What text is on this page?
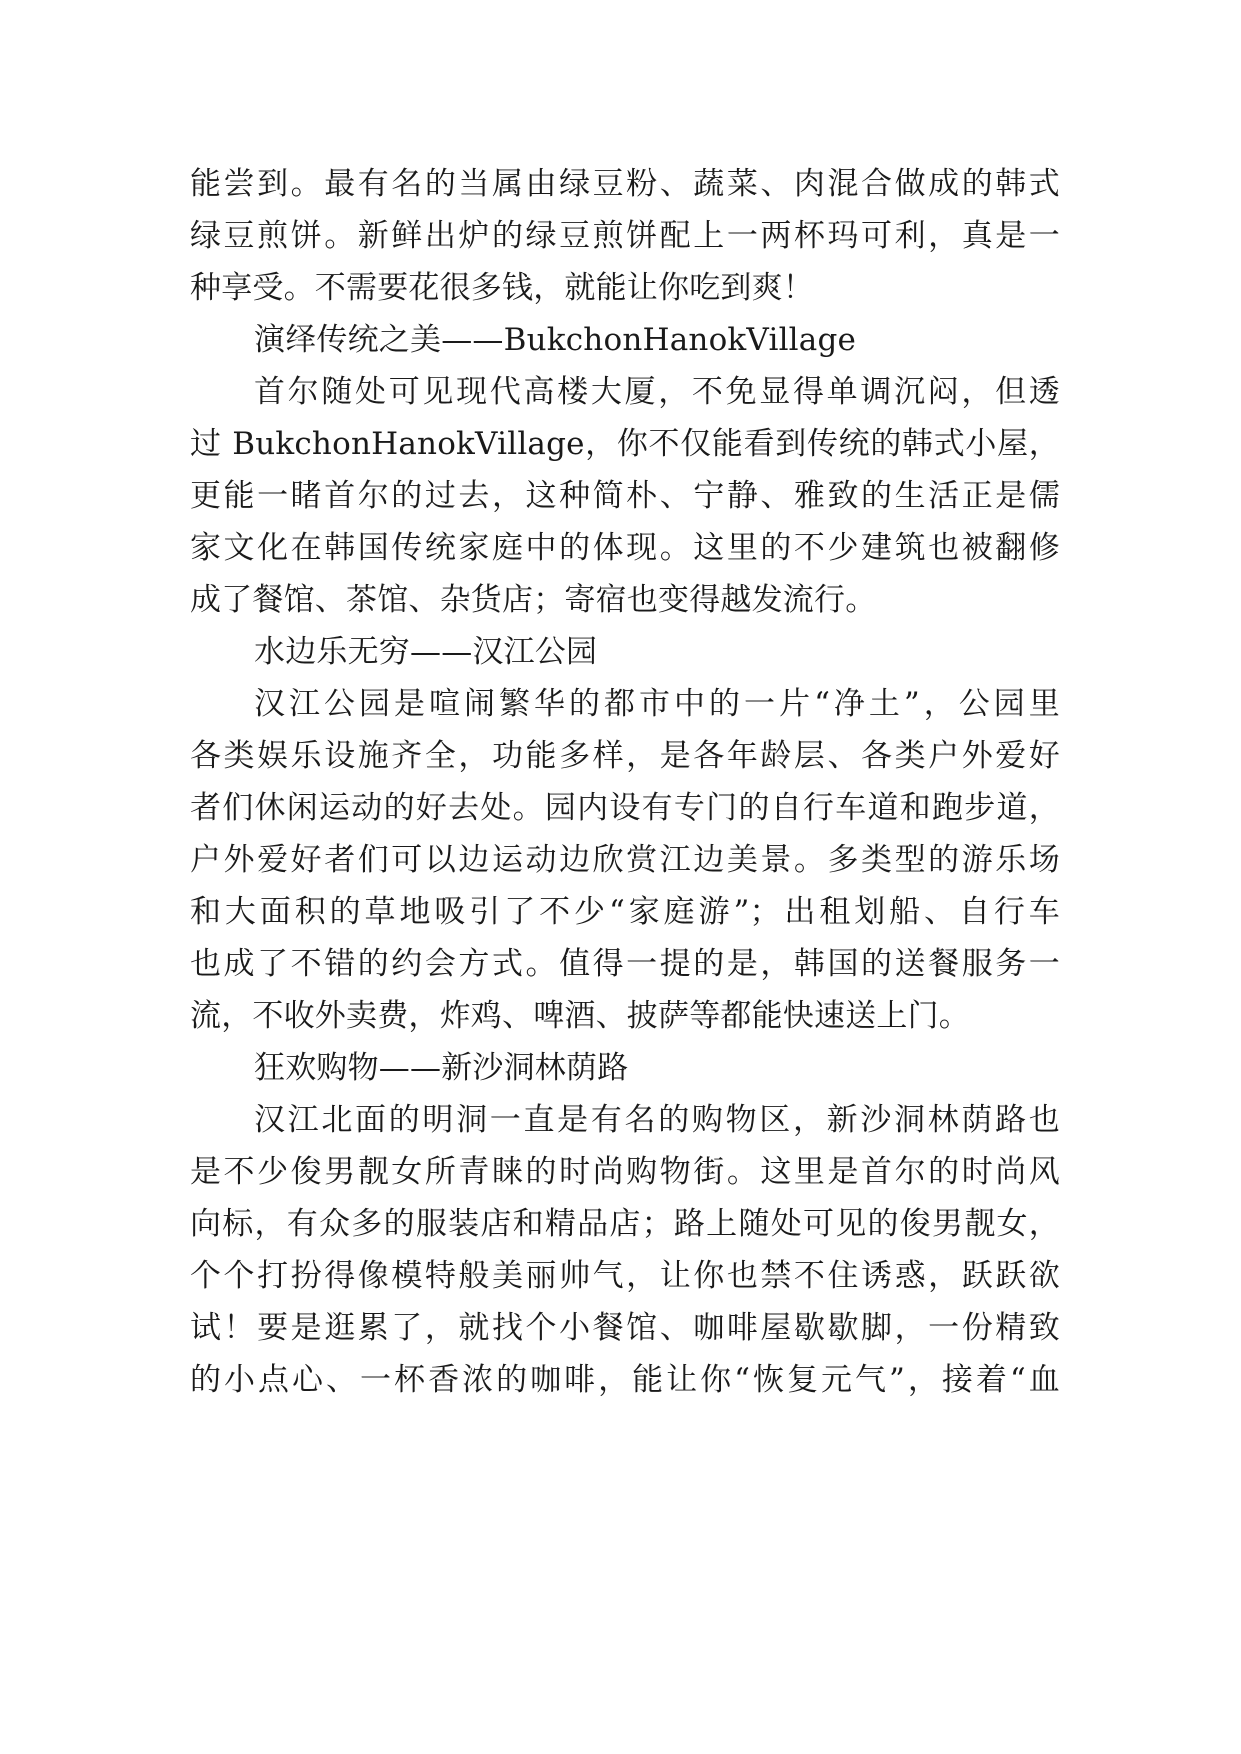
能尝到。最有名的当属由绿豆粉、蔬菜、肉混合做成的韩式
绿豆煎饼。新鲜出炉的绿豆煎饼配上一两杯玛可利，真是一
种享受。不需要花很多钱，就能让你吃到爽！
演绎传统之美——BukchonHanokVillage
首尔随处可见现代高楼大厦，不免显得单调沉闷，但透
过 BukchonHanokVillage，你不仅能看到传统的韩式小屋，
更能一睹首尔的过去，这种简朴、宁静、雅致的生活正是儒
家文化在韩国传统家庭中的体现。这里的不少建筑也被翻修
成了餐馆、茶馆、杂货店；寄宿也变得越发流行。
水边乐无穷——汉江公园
汉江公园是喧闹繁华的都市中的一片“净土”，公园里
各类娱乐设施齐全，功能多样，是各年龄层、各类户外爱好
者们休闲运动的好去处。园内设有专门的自行车道和跑步道，
户外爱好者们可以边运动边欣赏江边美景。多类型的游乐场
和大面积的草地吸引了不少“家庭游”；出租划船、自行车
也成了不错的约会方式。值得一提的是，韩国的送餐服务一
流，不收外卖费，炸鸡、啤酒、披萨等都能快速送上门。
狂欢购物——新沙洞林荫路
汉江北面的明洞一直是有名的购物区，新沙洞林荫路也
是不少俊男靓女所青睐的时尚购物街。这里是首尔的时尚风
向标，有众多的服装店和精品店；路上随处可见的俊男靓女，
个个打扮得像模特般美丽帅气，让你也禁不住诱惑，跃跃欲
试！要是逛累了，就找个小餐馆、咖啡屋歇歇脚，一份精致
的小点心、一杯香浓的咖啡，能让你“恢复元气”，接着“血
